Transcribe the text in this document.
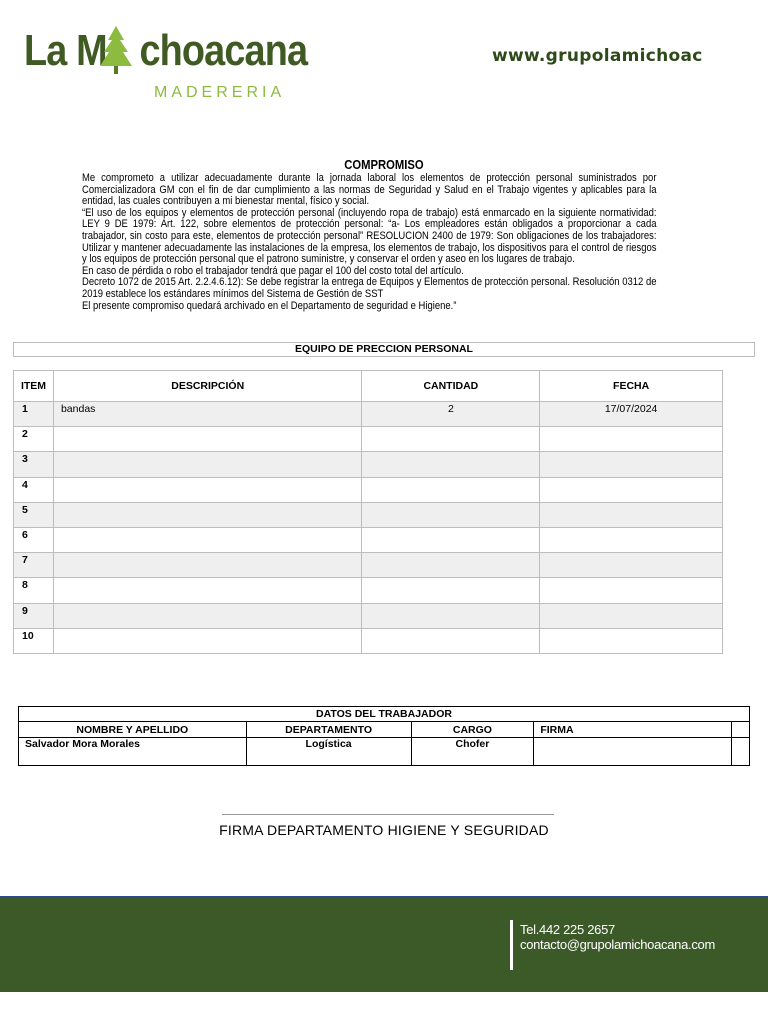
La M choacana
MADERERIA
www.grupolamichoac
COMPROMISO

Me comprometo a utilizar adecuadamente durante la jornada laboral los elementos de protección personal suministrados por Comercializadora GM con el fin de dar cumplimiento a las normas de Seguridad y Salud en el Trabajo vigentes y aplicables para la entidad, las cuales contribuyen a mi bienestar mental, físico y social.

“El uso de los equipos y elementos de protección personal (incluyendo ropa de trabajo) está enmarcado en la siguiente normatividad: LEY 9 DE 1979: Art. 122, sobre elementos de protección personal: “a- Los empleadores están obligados a proporcionar a cada trabajador, sin costo para este, elementos de protección personal” RESOLUCION 2400 de 1979: Son obligaciones de los trabajadores: Utilizar y mantener adecuadamente las instalaciones de la empresa, los elementos de trabajo, los dispositivos para el control de riesgos y los equipos de protección personal que el patrono suministre, y conservar el orden y aseo en los lugares de trabajo.

En caso de pérdida o robo el trabajador tendrá que pagar el 100 del costo total del artículo.

Decreto 1072 de 2015 Art. 2.2.4.6.12): Se debe registrar la entrega de Equipos y Elementos de protección personal. Resolución 0312 de 2019 establece los estándares mínimos del Sistema de Gestión de SST

El presente compromiso quedará archivado en el Departamento de seguridad e Higiene.”

EQUIPO DE PRECCION PERSONAL
ITEM	DESCRIPCIÓN	CANTIDAD	FECHA
1	bandas	2	17/07/2024
2			
3			
4			
5			
6			
7			
8			
9			
10			
DATOS DEL TRABAJADOR				
NOMBRE Y APELLIDO	DEPARTAMENTO	CARGO	FIRMA	
Salvador Mora Morales	Logística	Chofer		
FIRMA DEPARTAMENTO HIGIENE Y SEGURIDAD
Tel.442 225 2657
contacto@grupolamichoacana.com
